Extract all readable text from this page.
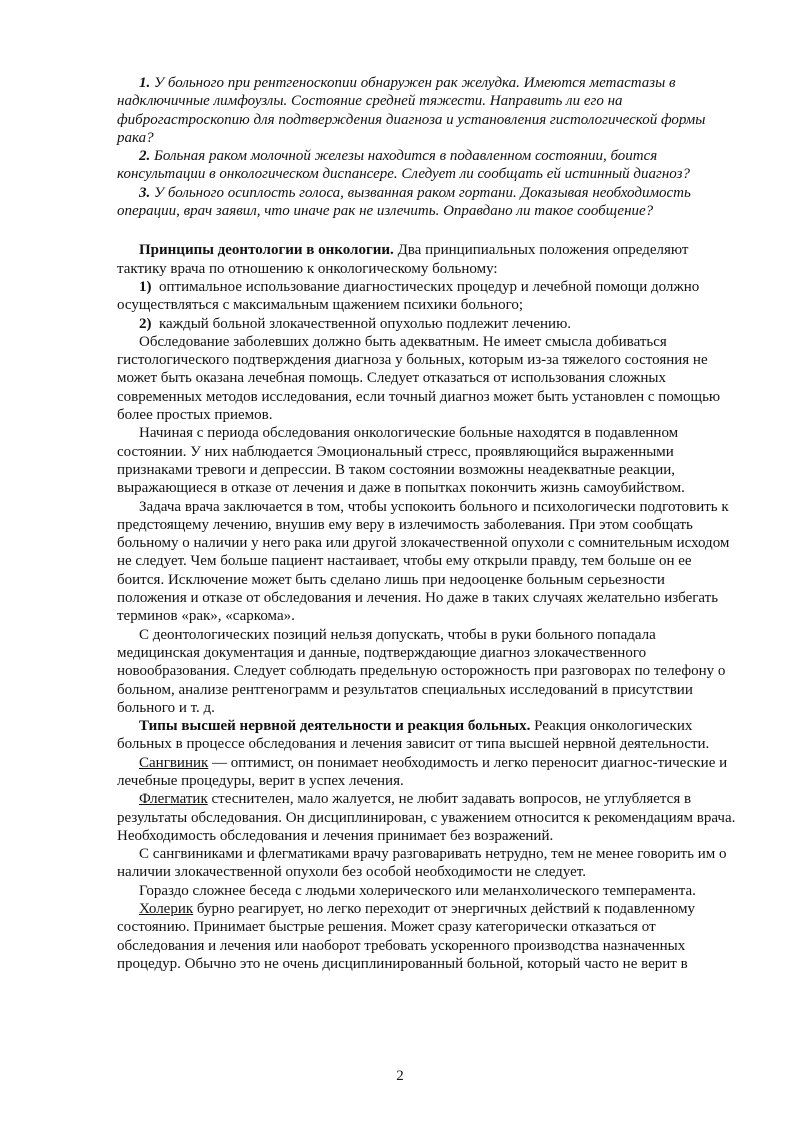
1. У больного при рентгеноскопии обнаружен рак желудка. Имеются метастазы в надключичные лимфоузлы. Состояние средней тяжести. Направить ли его на фиброгастроскопию для подтверждения диагноза и установления гистологической формы рака?

2. Больная раком молочной железы находится в подавленном состоянии, боится консультации в онкологическом диспансере. Следует ли сообщать ей истинный диагноз?

3. У больного осиплость голоса, вызванная раком гортани. Доказывая необходимость операции, врач заявил, что иначе рак не излечить. Оправдано ли такое сообщение?

Принципы деонтологии в онкологии. Два принципиальных положения определяют тактику врача по отношению к онкологическому больному:

1) оптимальное использование диагностических процедур и лечебной помощи должно осуществляться с максимальным щажением психики больного;

2) каждый больной злокачественной опухолью подлежит лечению.

Обследование заболевших должно быть адекватным. Не имеет смысла добиваться гистологического подтверждения диагноза у больных, которым из-за тяжелого состояния не может быть оказана лечебная помощь. Следует отказаться от использования сложных современных методов исследования, если точный диагноз может быть установлен с помощью более простых приемов.

Начиная с периода обследования онкологические больные находятся в подавленном состоянии. У них наблюдается Эмоциональный стресс, проявляющийся выраженными признаками тревоги и депрессии. В таком состоянии возможны неадекватные реакции, выражающиеся в отказе от лечения и даже в попытках покончить жизнь самоубийством.

Задача врача заключается в том, чтобы успокоить больного и психологически подготовить к предстоящему лечению, внушив ему веру в излечимость заболевания. При этом сообщать больному о наличии у него рака или другой злокачественной опухоли с сомнительным исходом не следует. Чем больше пациент настаивает, чтобы ему открыли правду, тем больше он ее боится. Исключение может быть сделано лишь при недооценке больным серьезности положения и отказе от обследования и лечения. Но даже в таких случаях желательно избегать терминов «рак», «саркома».

С деонтологических позиций нельзя допускать, чтобы в руки больного попадала медицинская документация и данные, подтверждающие диагноз злокачественного новообразования. Следует соблюдать предельную осторожность при разговорах по телефону о больном, анализе рентгенограмм и результатов специальных исследований в присутствии больного и т. д.

Типы высшей нервной деятельности и реакция больных. Реакция онкологических больных в процессе обследования и лечения зависит от типа высшей нервной деятельности.

Сангвиник — оптимист, он понимает необходимость и легко переносит диагнос-тические и лечебные процедуры, верит в успех лечения.

Флегматик стеснителен, мало жалуется, не любит задавать вопросов, не углубляется в результаты обследования. Он дисциплинирован, с уважением относится к рекомендациям врача. Необходимость обследования и лечения принимает без возражений.

С сангвиниками и флегматиками врачу разговаривать нетрудно, тем не менее говорить им о наличии злокачественной опухоли без особой необходимости не следует.

Гораздо сложнее беседа с людьми холерического или меланхолического темперамента.

Холерик бурно реагирует, но легко переходит от энергичных действий к подавленному состоянию. Принимает быстрые решения. Может сразу категорически отказаться от обследования и лечения или наоборот требовать ускоренного производства назначенных процедур. Обычно это не очень дисциплинированный больной, который часто не верит в

2
